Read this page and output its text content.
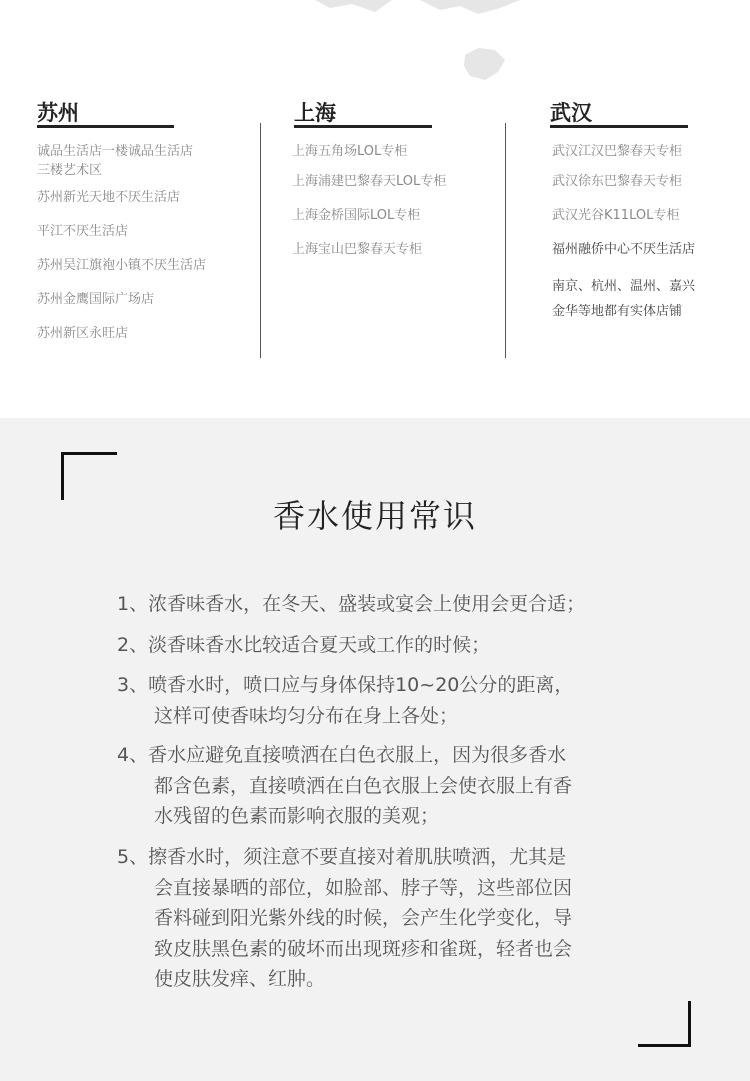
苏州	上海	武汉
诚品生活店一楼诚品生活店
三楼艺术区
苏州新光天地不厌生活店
平江不厌生活店
苏州吴江旗袍小镇不厌生活店
苏州金鹰国际广场店
苏州新区永旺店
上海五角场LOL专柜
上海浦建巴黎春天LOL专柜
上海金桥国际LOL专柜
上海宝山巴黎春天专柜
武汉江汉巴黎春天专柜
武汉徐东巴黎春天专柜
武汉光谷K11LOL专柜
福州融侨中心不厌生活店
南京、杭州、温州、嘉兴
金华等地都有实体店铺
香水使用常识
1、浓香味香水，在冬天、盛装或宴会上使用会更合适；
2、淡香味香水比较适合夏天或工作的时候；
3、喷香水时，喷口应与身体保持10~20公分的距离，
这样可使香味均匀分布在身上各处；
4、香水应避免直接喷洒在白色衣服上，因为很多香水
都含色素，直接喷洒在白色衣服上会使衣服上有香
水残留的色素而影响衣服的美观；
5、擦香水时，须注意不要直接对着肌肤喷洒，尤其是
会直接暴晒的部位，如脸部、脖子等，这些部位因
香料碰到阳光紫外线的时候，会产生化学变化，导
致皮肤黑色素的破坏而出现斑疹和雀斑，轻者也会
使皮肤发痒、红肿。
